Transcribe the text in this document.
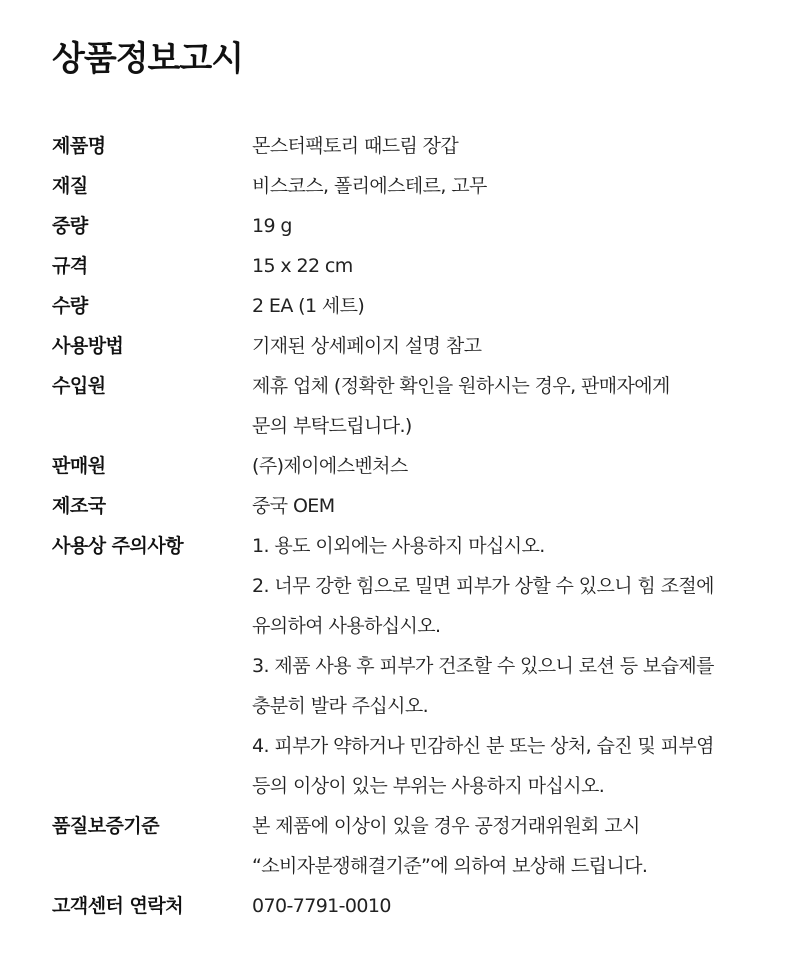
상품정보고시
제품명	몬스터팩토리 때드림 장갑
재질	비스코스, 폴리에스테르, 고무
중량	19 g
규격	15 x 22 cm
수량	2 EA (1 세트)
사용방법	기재된 상세페이지 설명 참고
수입원	제휴 업체 (정확한 확인을 원하시는 경우, 판매자에게
문의 부탁드립니다.)
판매원	(주)제이에스벤처스
제조국	중국 OEM
사용상 주의사항	1. 용도 이외에는 사용하지 마십시오.
2. 너무 강한 힘으로 밀면 피부가 상할 수 있으니 힘 조절에
유의하여 사용하십시오.
3. 제품 사용 후 피부가 건조할 수 있으니 로션 등 보습제를
충분히 발라 주십시오.
4. 피부가 약하거나 민감하신 분 또는 상처, 습진 및 피부염
등의 이상이 있는 부위는 사용하지 마십시오.
품질보증기준	본 제품에 이상이 있을 경우 공정거래위원회 고시
“소비자분쟁해결기준”에 의하여 보상해 드립니다.
고객센터 연락처	070-7791-0010
